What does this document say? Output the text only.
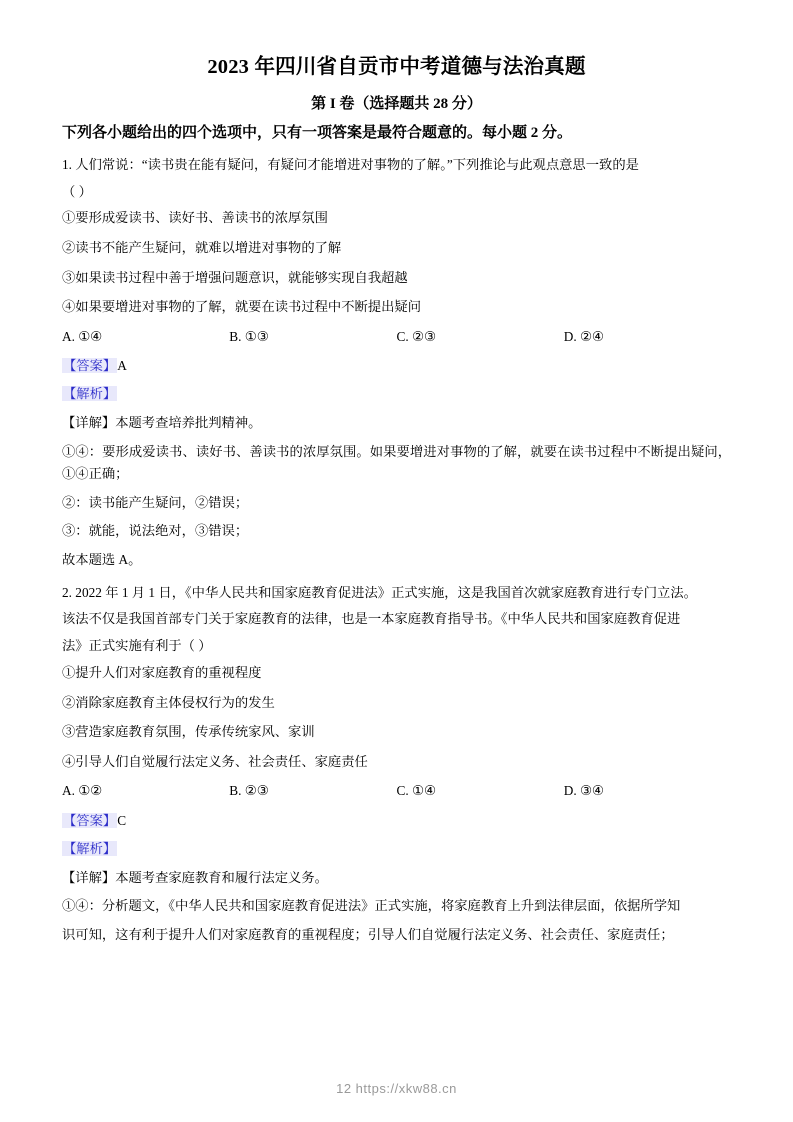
2023 年四川省自贡市中考道德与法治真题
第 I 卷（选择题共 28 分）
下列各小题给出的四个选项中，只有一项答案是最符合题意的。每小题 2 分。
1. 人们常说：“读书贵在能有疑问，有疑问才能增进对事物的了解。”下列推论与此观点意思一致的是
（ ）
①要形成爱读书、读好书、善读书的浓厚氛围
②读书不能产生疑问，就难以增进对事物的了解
③如果读书过程中善于增强问题意识，就能够实现自我超越
④如果要增进对事物的了解，就要在读书过程中不断提出疑问
A. ①④	B. ①③	C. ②③	D. ②④
【答案】A
【解析】
【详解】本题考查培养批判精神。
①④：要形成爱读书、读好书、善读书的浓厚氛围。如果要增进对事物的了解，就要在读书过程中不断提出疑问，①④正确；
②：读书能产生疑问，②错误；
③：就能，说法绝对，③错误；
故本题选 A。
2. 2022 年 1 月 1 日，《中华人民共和国家庭教育促进法》正式实施，这是我国首次就家庭教育进行专门立法。
该法不仅是我国首部专门关于家庭教育的法律，也是一本家庭教育指导书。《中华人民共和国家庭教育促进
法》正式实施有利于（ ）
①提升人们对家庭教育的重视程度
②消除家庭教育主体侵权行为的发生
③营造家庭教育氛围，传承传统家风、家训
④引导人们自觉履行法定义务、社会责任、家庭责任
A. ①②	B. ②③	C. ①④	D. ③④
【答案】C
【解析】
【详解】本题考查家庭教育和履行法定义务。
①④：分析题文，《中华人民共和国家庭教育促进法》正式实施，将家庭教育上升到法律层面，依据所学知
识可知，这有利于提升人们对家庭教育的重视程度；引导人们自觉履行法定义务、社会责任、家庭责任；
12 https://xkw88.cn
